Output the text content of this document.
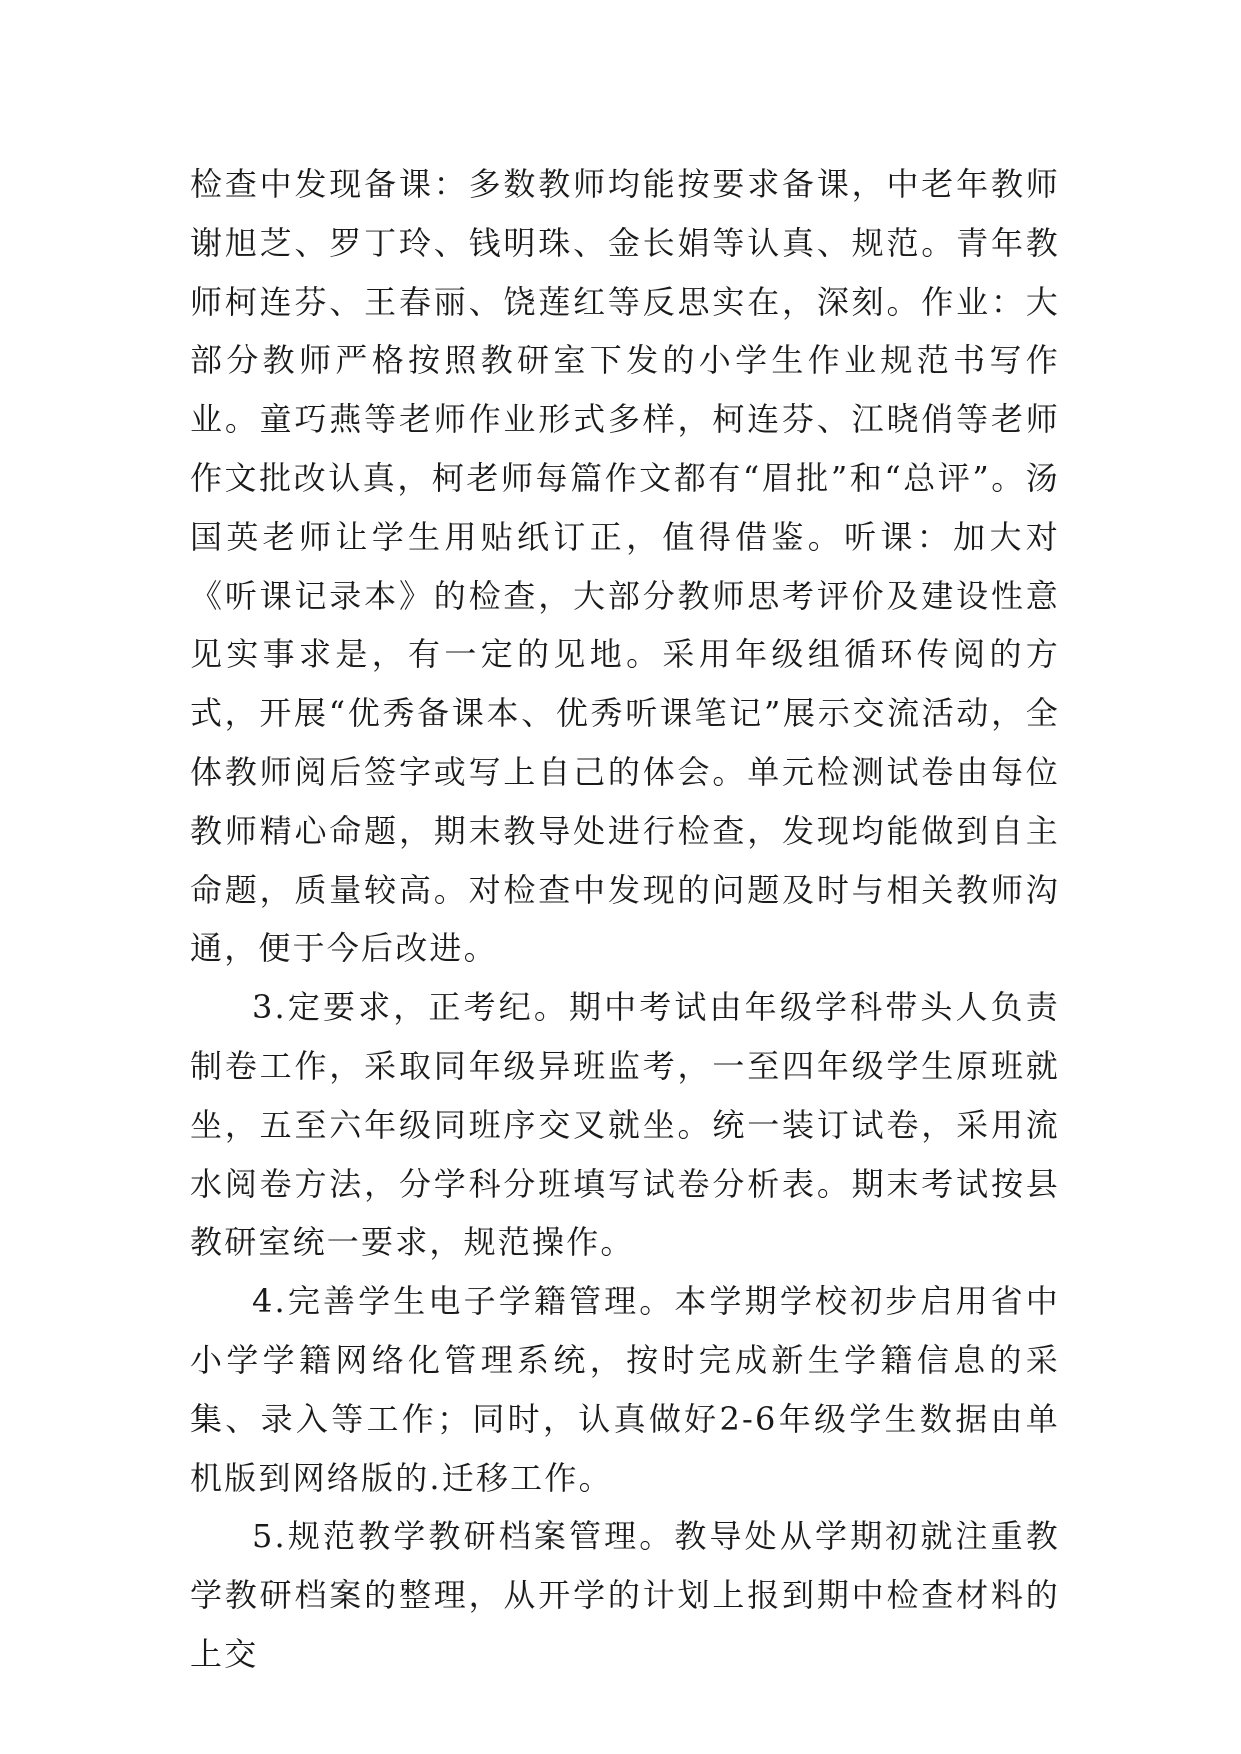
检查中发现备课：多数教师均能按要求备课，中老年教师谢旭芝、罗丁玲、钱明珠、金长娟等认真、规范。青年教师柯连芬、王春丽、饶莲红等反思实在，深刻。作业：大部分教师严格按照教研室下发的小学生作业规范书写作业。童巧燕等老师作业形式多样，柯连芬、江晓俏等老师作文批改认真，柯老师每篇作文都有“眉批”和“总评”。汤国英老师让学生用贴纸订正，值得借鉴。听课：加大对《听课记录本》的检查，大部分教师思考评价及建设性意见实事求是，有一定的见地。采用年级组循环传阅的方式，开展“优秀备课本、优秀听课笔记”展示交流活动，全体教师阅后签字或写上自己的体会。单元检测试卷由每位教师精心命题，期末教导处进行检查，发现均能做到自主命题，质量较高。对检查中发现的问题及时与相关教师沟通，便于今后改进。

3.定要求，正考纪。期中考试由年级学科带头人负责制卷工作，采取同年级异班监考，一至四年级学生原班就坐，五至六年级同班序交叉就坐。统一装订试卷，采用流水阅卷方法，分学科分班填写试卷分析表。期末考试按县教研室统一要求，规范操作。

4.完善学生电子学籍管理。本学期学校初步启用省中小学学籍网络化管理系统，按时完成新生学籍信息的采集、录入等工作；同时，认真做好2-6年级学生数据由单机版到网络版的.迁移工作。

5.规范教学教研档案管理。教导处从学期初就注重教学教研档案的整理，从开学的计划上报到期中检查材料的上交
